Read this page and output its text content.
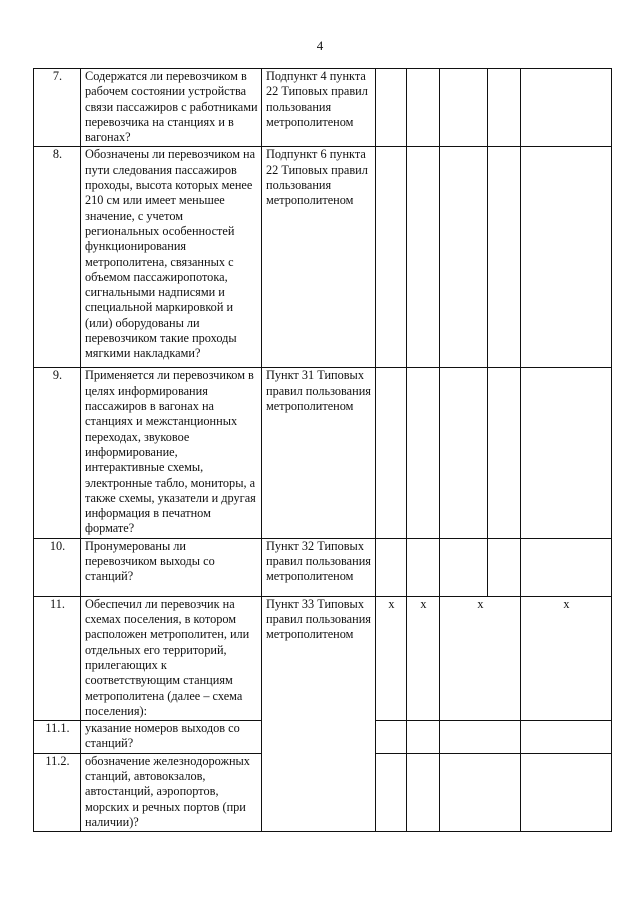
4
7.	Содержатся ли перевозчиком в рабочем состоянии устройства связи пассажиров с работниками перевозчика на станциях и в вагонах?	Подпункт 4 пункта 22 Типовых правил пользования метрополитеном					
8.	Обозначены ли перевозчиком на пути следования пассажиров проходы, высота которых менее 210 см или имеет меньшее значение, с учетом региональных особенностей функционирования метрополитена, связанных с объемом пассажиропотока, сигнальными надписями и специальной маркировкой и (или) оборудованы ли перевозчиком такие проходы мягкими накладками?	Подпункт 6 пункта 22 Типовых правил пользования метрополитеном					
9.	Применяется ли перевозчиком в целях информирования пассажиров в вагонах на станциях и межстанционных переходах, звуковое информирование, интерактивные схемы, электронные табло, мониторы, а также схемы, указатели и другая информация в печатном формате?	Пункт 31 Типовых правил пользования метрополитеном					
10.	Пронумерованы ли перевозчиком выходы со станций?	Пункт 32 Типовых правил пользования метрополитеном					
11.	Обеспечил ли перевозчик на схемах поселения, в котором расположен метрополитен, или отдельных его территорий, прилегающих к соответствующим станциям метрополитена (далее – схема поселения):	Пункт 33 Типовых правил пользования метрополитеном	x	x	x		x
11.1.	указание номеров выходов со станций?						
11.2.	обозначение железнодорожных станций, автовокзалов, автостанций, аэропортов, морских и речных портов (при наличии)?						
